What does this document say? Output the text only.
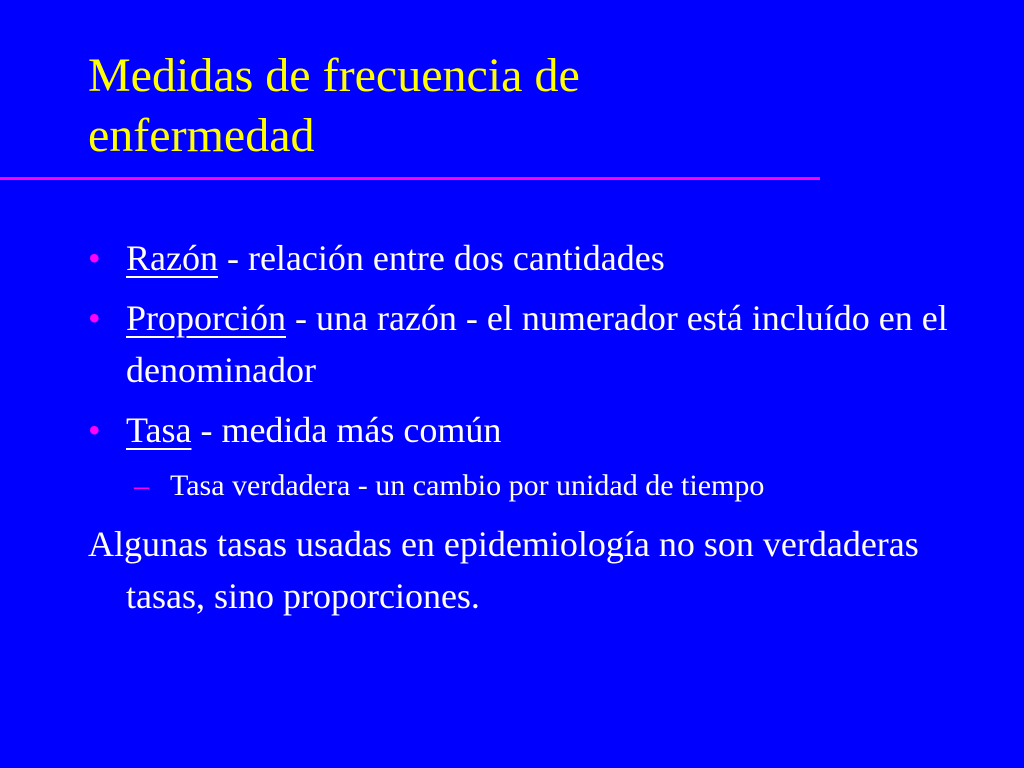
Medidas de frecuencia de enfermedad
• Razón - relación entre dos cantidades
• Proporción - una razón - el numerador está incluído en el denominador
• Tasa - medida más común
– Tasa verdadera - un cambio por unidad de tiempo
Algunas tasas usadas en epidemiología no son verdaderas tasas, sino proporciones.
